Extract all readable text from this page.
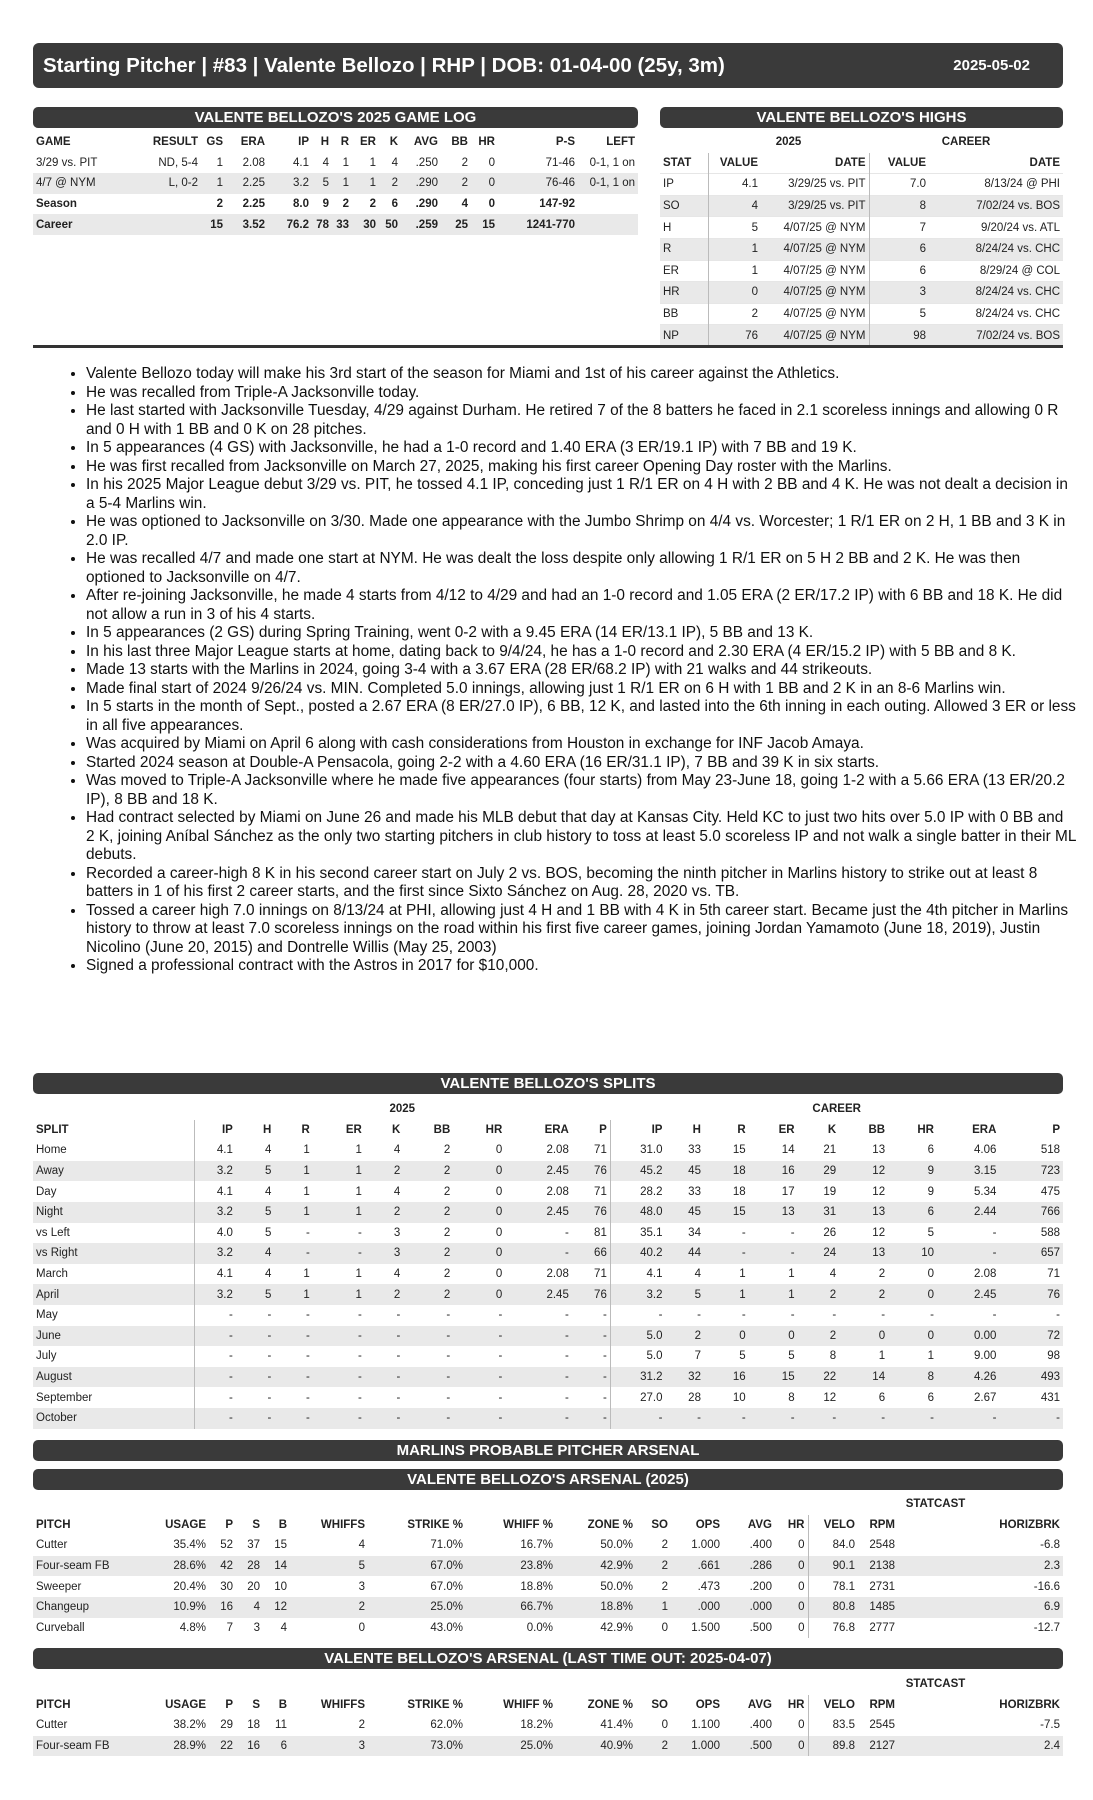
Starting Pitcher | #83 | Valente Bellozo | RHP | DOB: 01-04-00 (25y, 3m)	2025-05-02
VALENTE BELLOZO'S 2025 GAME LOG
GAME	RESULT	GS	ERA	IP	H	R	ER	K	AVG	BB	HR	P-S	LEFT
3/29 vs. PIT	ND, 5-4	1	2.08	4.1	4	1	1	4	.250	2	0	71-46	0-1, 1 on
4/7 @ NYM	L, 0-2	1	2.25	3.2	5	1	1	2	.290	2	0	76-46	0-1, 1 on
Season		2	2.25	8.0	9	2	2	6	.290	4	0	147-92	
Career		15	3.52	76.2	78	33	30	50	.259	25	15	1241-770	
VALENTE BELLOZO'S HIGHS
	2025		CAREER	
STAT	VALUE	DATE	VALUE	DATE
IP	4.1	3/29/25 vs. PIT	7.0	8/13/24 @ PHI
SO	4	3/29/25 vs. PIT	8	7/02/24 vs. BOS
H	5	4/07/25 @ NYM	7	9/20/24 vs. ATL
R	1	4/07/25 @ NYM	6	8/24/24 vs. CHC
ER	1	4/07/25 @ NYM	6	8/29/24 @ COL
HR	0	4/07/25 @ NYM	3	8/24/24 vs. CHC
BB	2	4/07/25 @ NYM	5	8/24/24 vs. CHC
NP	76	4/07/25 @ NYM	98	7/02/24 vs. BOS
• Valente Bellozo today will make his 3rd start of the season for Miami and 1st of his career against the Athletics.
• He was recalled from Triple-A Jacksonville today.
• He last started with Jacksonville Tuesday, 4/29 against Durham. He retired 7 of the 8 batters he faced in 2.1 scoreless innings and allowing 0 R and 0 H with 1 BB and 0 K on 28 pitches.
• In 5 appearances (4 GS) with Jacksonville, he had a 1-0 record and 1.40 ERA (3 ER/19.1 IP) with 7 BB and 19 K.
• He was first recalled from Jacksonville on March 27, 2025, making his first career Opening Day roster with the Marlins.
• In his 2025 Major League debut 3/29 vs. PIT, he tossed 4.1 IP, conceding just 1 R/1 ER on 4 H with 2 BB and 4 K. He was not dealt a decision in a 5-4 Marlins win.
• He was optioned to Jacksonville on 3/30. Made one appearance with the Jumbo Shrimp on 4/4 vs. Worcester; 1 R/1 ER on 2 H, 1 BB and 3 K in 2.0 IP.
• He was recalled 4/7 and made one start at NYM. He was dealt the loss despite only allowing 1 R/1 ER on 5 H 2 BB and 2 K. He was then optioned to Jacksonville on 4/7.
• After re-joining Jacksonville, he made 4 starts from 4/12 to 4/29 and had an 1-0 record and 1.05 ERA (2 ER/17.2 IP) with 6 BB and 18 K. He did not allow a run in 3 of his 4 starts.
• In 5 appearances (2 GS) during Spring Training, went 0-2 with a 9.45 ERA (14 ER/13.1 IP), 5 BB and 13 K.
• In his last three Major League starts at home, dating back to 9/4/24, he has a 1-0 record and 2.30 ERA (4 ER/15.2 IP) with 5 BB and 8 K.
• Made 13 starts with the Marlins in 2024, going 3-4 with a 3.67 ERA (28 ER/68.2 IP) with 21 walks and 44 strikeouts.
• Made final start of 2024 9/26/24 vs. MIN. Completed 5.0 innings, allowing just 1 R/1 ER on 6 H with 1 BB and 2 K in an 8-6 Marlins win.
• In 5 starts in the month of Sept., posted a 2.67 ERA (8 ER/27.0 IP), 6 BB, 12 K, and lasted into the 6th inning in each outing. Allowed 3 ER or less in all five appearances.
• Was acquired by Miami on April 6 along with cash considerations from Houston in exchange for INF Jacob Amaya.
• Started 2024 season at Double-A Pensacola, going 2-2 with a 4.60 ERA (16 ER/31.1 IP), 7 BB and 39 K in six starts.
• Was moved to Triple-A Jacksonville where he made five appearances (four starts) from May 23-June 18, going 1-2 with a 5.66 ERA (13 ER/20.2 IP), 8 BB and 18 K.
• Had contract selected by Miami on June 26 and made his MLB debut that day at Kansas City. Held KC to just two hits over 5.0 IP with 0 BB and 2 K, joining Aníbal Sánchez as the only two starting pitchers in club history to toss at least 5.0 scoreless IP and not walk a single batter in their ML debuts.
• Recorded a career-high 8 K in his second career start on July 2 vs. BOS, becoming the ninth pitcher in Marlins history to strike out at least 8 batters in 1 of his first 2 career starts, and the first since Sixto Sánchez on Aug. 28, 2020 vs. TB.
• Tossed a career high 7.0 innings on 8/13/24 at PHI, allowing just 4 H and 1 BB with 4 K in 5th career start. Became just the 4th pitcher in Marlins history to throw at least 7.0 scoreless innings on the road within his first five career games, joining Jordan Yamamoto (June 18, 2019), Justin Nicolino (June 20, 2015) and Dontrelle Willis (May 25, 2003)
• Signed a professional contract with the Astros in 2017 for $10,000.
VALENTE BELLOZO'S SPLITS
	2025									CAREER								
SPLIT	IP	H	R	ER	K	BB	HR	ERA	P	IP	H	R	ER	K	BB	HR	ERA	P
Home	4.1	4	1	1	4	2	0	2.08	71	31.0	33	15	14	21	13	6	4.06	518
Away	3.2	5	1	1	2	2	0	2.45	76	45.2	45	18	16	29	12	9	3.15	723
Day	4.1	4	1	1	4	2	0	2.08	71	28.2	33	18	17	19	12	9	5.34	475
Night	3.2	5	1	1	2	2	0	2.45	76	48.0	45	15	13	31	13	6	2.44	766
vs Left	4.0	5	-	-	3	2	0	-	81	35.1	34	-	-	26	12	5	-	588
vs Right	3.2	4	-	-	3	2	0	-	66	40.2	44	-	-	24	13	10	-	657
March	4.1	4	1	1	4	2	0	2.08	71	4.1	4	1	1	4	2	0	2.08	71
April	3.2	5	1	1	2	2	0	2.45	76	3.2	5	1	1	2	2	0	2.45	76
May	-	-	-	-	-	-	-	-	-	-	-	-	-	-	-	-	-	-
June	-	-	-	-	-	-	-	-	-	5.0	2	0	0	2	0	0	0.00	72
July	-	-	-	-	-	-	-	-	-	5.0	7	5	5	8	1	1	9.00	98
August	-	-	-	-	-	-	-	-	-	31.2	32	16	15	22	14	8	4.26	493
September	-	-	-	-	-	-	-	-	-	27.0	28	10	8	12	6	6	2.67	431
October	-	-	-	-	-	-	-	-	-	-	-	-	-	-	-	-	-	-
MARLINS PROBABLE PITCHER ARSENAL
VALENTE BELLOZO'S ARSENAL (2025)
													STATCAST		
PITCH	USAGE	P	S	B	WHIFFS	STRIKE %	WHIFF %	ZONE %	SO	OPS	AVG	HR	VELO	RPM	HORIZBRK
Cutter	35.4%	52	37	15	4	71.0%	16.7%	50.0%	2	1.000	.400	0	84.0	2548	-6.8
Four-seam FB	28.6%	42	28	14	5	67.0%	23.8%	42.9%	2	.661	.286	0	90.1	2138	2.3
Sweeper	20.4%	30	20	10	3	67.0%	18.8%	50.0%	2	.473	.200	0	78.1	2731	-16.6
Changeup	10.9%	16	4	12	2	25.0%	66.7%	18.8%	1	.000	.000	0	80.8	1485	6.9
Curveball	4.8%	7	3	4	0	43.0%	0.0%	42.9%	0	1.500	.500	0	76.8	2777	-12.7
VALENTE BELLOZO'S ARSENAL (LAST TIME OUT: 2025-04-07)
													STATCAST		
PITCH	USAGE	P	S	B	WHIFFS	STRIKE %	WHIFF %	ZONE %	SO	OPS	AVG	HR	VELO	RPM	HORIZBRK
Cutter	38.2%	29	18	11	2	62.0%	18.2%	41.4%	0	1.100	.400	0	83.5	2545	-7.5
Four-seam FB	28.9%	22	16	6	3	73.0%	25.0%	40.9%	2	1.000	.500	0	89.8	2127	2.4
